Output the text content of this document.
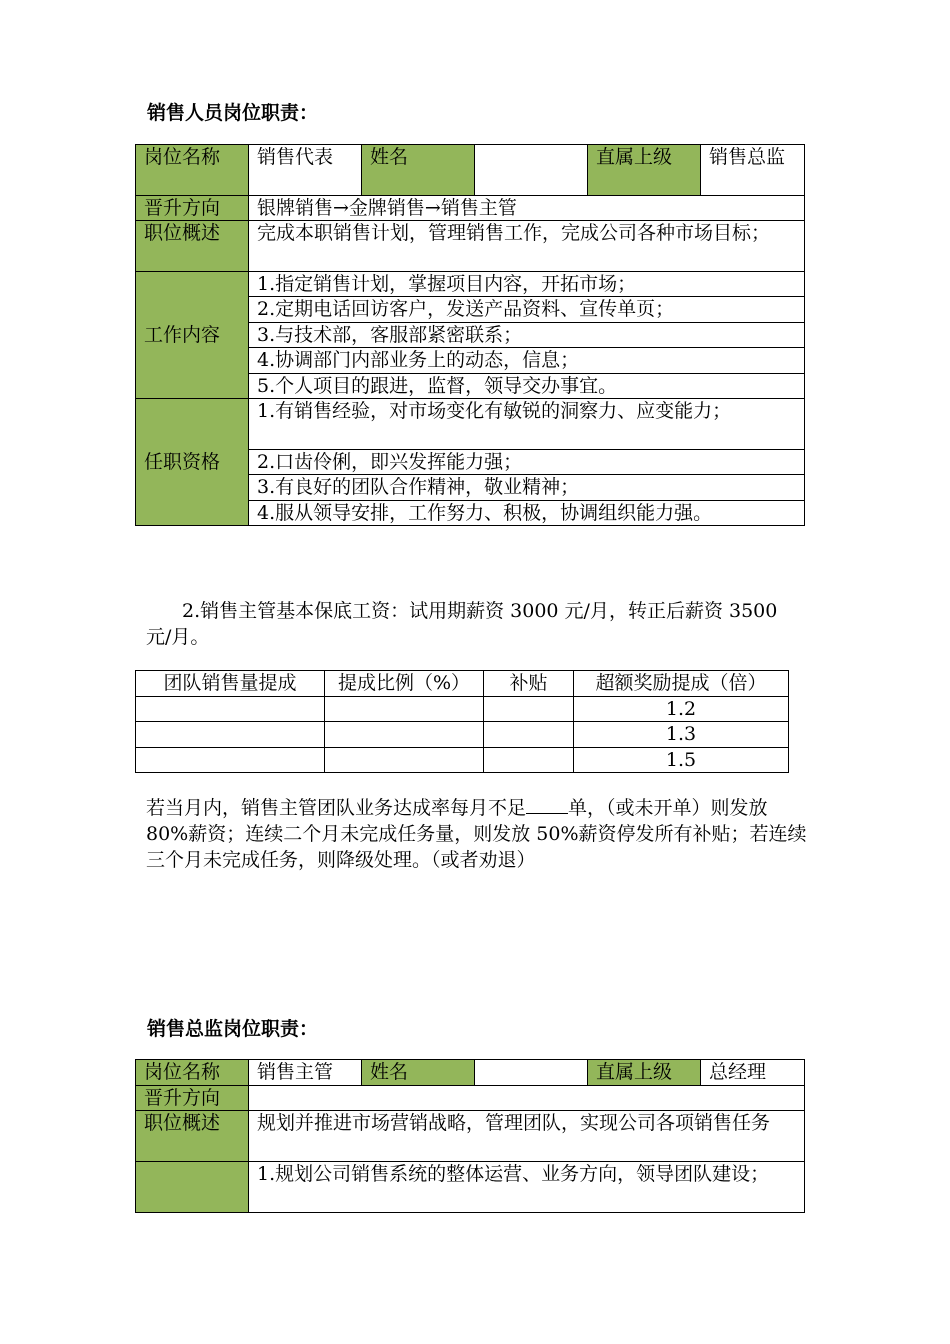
销售人员岗位职责：
岗位名称	销售代表	姓名		直属上级	销售总监
晋升方向	银牌销售→金牌销售→销售主管				
职位概述	完成本职销售计划，管理销售工作，完成公司各种市场目标；				
工作内容	1.指定销售计划，掌握项目内容，开拓市场；				
	2.定期电话回访客户，发送产品资料、宣传单页；				
	3.与技术部，客服部紧密联系；				
	4.协调部门内部业务上的动态，信息；				
	5.个人项目的跟进，监督，领导交办事宜。				
任职资格	1.有销售经验，对市场变化有敏锐的洞察力、应变能力；				
	2.口齿伶俐，即兴发挥能力强；				
	3.有良好的团队合作精神，敬业精神；				
	4.服从领导安排，工作努力、积极，协调组织能力强。				
2.销售主管基本保底工资：试用期薪资 3000 元/月，转正后薪资 3500 元/月。
团队销售量提成	提成比例（%）	补贴	超额奖励提成（倍）
			1.2
			1.3
			1.5
若当月内，销售主管团队业务达成率每月不足 单，（或未开单）则发放 80%薪资；连续二个月未完成任务量，则发放 50%薪资停发所有补贴；若连续三个月未完成任务，则降级处理。（或者劝退）
销售总监岗位职责：
岗位名称	销售主管	姓名		直属上级	总经理
晋升方向					
职位概述	规划并推进市场营销战略，管理团队，实现公司各项销售任务				
	1.规划公司销售系统的整体运营、业务方向，领导团队建设；				
